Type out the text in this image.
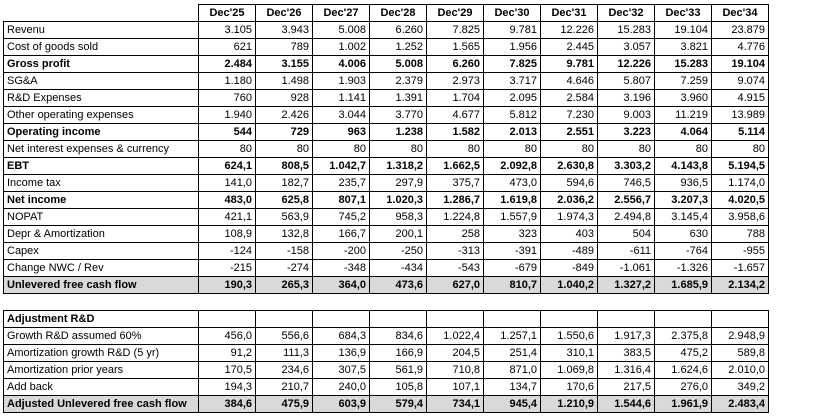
	Dec'25	Dec'26	Dec'27	Dec'28	Dec'29	Dec'30	Dec'31	Dec'32	Dec'33	Dec'34
Revenu	3.105	3.943	5.008	6.260	7.825	9.781	12.226	15.283	19.104	23.879
Cost of goods sold	621	789	1.002	1.252	1.565	1.956	2.445	3.057	3.821	4.776
Gross profit	2.484	3.155	4.006	5.008	6.260	7.825	9.781	12.226	15.283	19.104
SG&A	1.180	1.498	1.903	2.379	2.973	3.717	4.646	5.807	7.259	9.074
R&D Expenses	760	928	1.141	1.391	1.704	2.095	2.584	3.196	3.960	4.915
Other operating expenses	1.940	2.426	3.044	3.770	4.677	5.812	7.230	9.003	11.219	13.989
Operating income	544	729	963	1.238	1.582	2.013	2.551	3.223	4.064	5.114
Net interest expenses & currency	80	80	80	80	80	80	80	80	80	80
EBT	624,1	808,5	1.042,7	1.318,2	1.662,5	2.092,8	2.630,8	3.303,2	4.143,8	5.194,5
Income tax	141,0	182,7	235,7	297,9	375,7	473,0	594,6	746,5	936,5	1.174,0
Net income	483,0	625,8	807,1	1.020,3	1.286,7	1.619,8	2.036,2	2.556,7	3.207,3	4.020,5
NOPAT	421,1	563,9	745,2	958,3	1.224,8	1.557,9	1.974,3	2.494,8	3.145,4	3.958,6
Depr & Amortization	108,9	132,8	166,7	200,1	258	323	403	504	630	788
Capex	-124	-158	-200	-250	-313	-391	-489	-611	-764	-955
Change NWC / Rev	-215	-274	-348	-434	-543	-679	-849	-1.061	-1.326	-1.657
Unlevered free cash flow	190,3	265,3	364,0	473,6	627,0	810,7	1.040,2	1.327,2	1.685,9	2.134,2

Adjustment R&D										
Growth R&D assumed 60%	456,0	556,6	684,3	834,6	1.022,4	1.257,1	1.550,6	1.917,3	2.375,8	2.948,9
Amortization growth R&D (5 yr)	91,2	111,3	136,9	166,9	204,5	251,4	310,1	383,5	475,2	589,8
Amortization prior years	170,5	234,6	307,5	561,9	710,8	871,0	1.069,8	1.316,4	1.624,6	2.010,0
Add back	194,3	210,7	240,0	105,8	107,1	134,7	170,6	217,5	276,0	349,2
Adjusted Unlevered free cash flow	384,6	475,9	603,9	579,4	734,1	945,4	1.210,9	1.544,6	1.961,9	2.483,4
